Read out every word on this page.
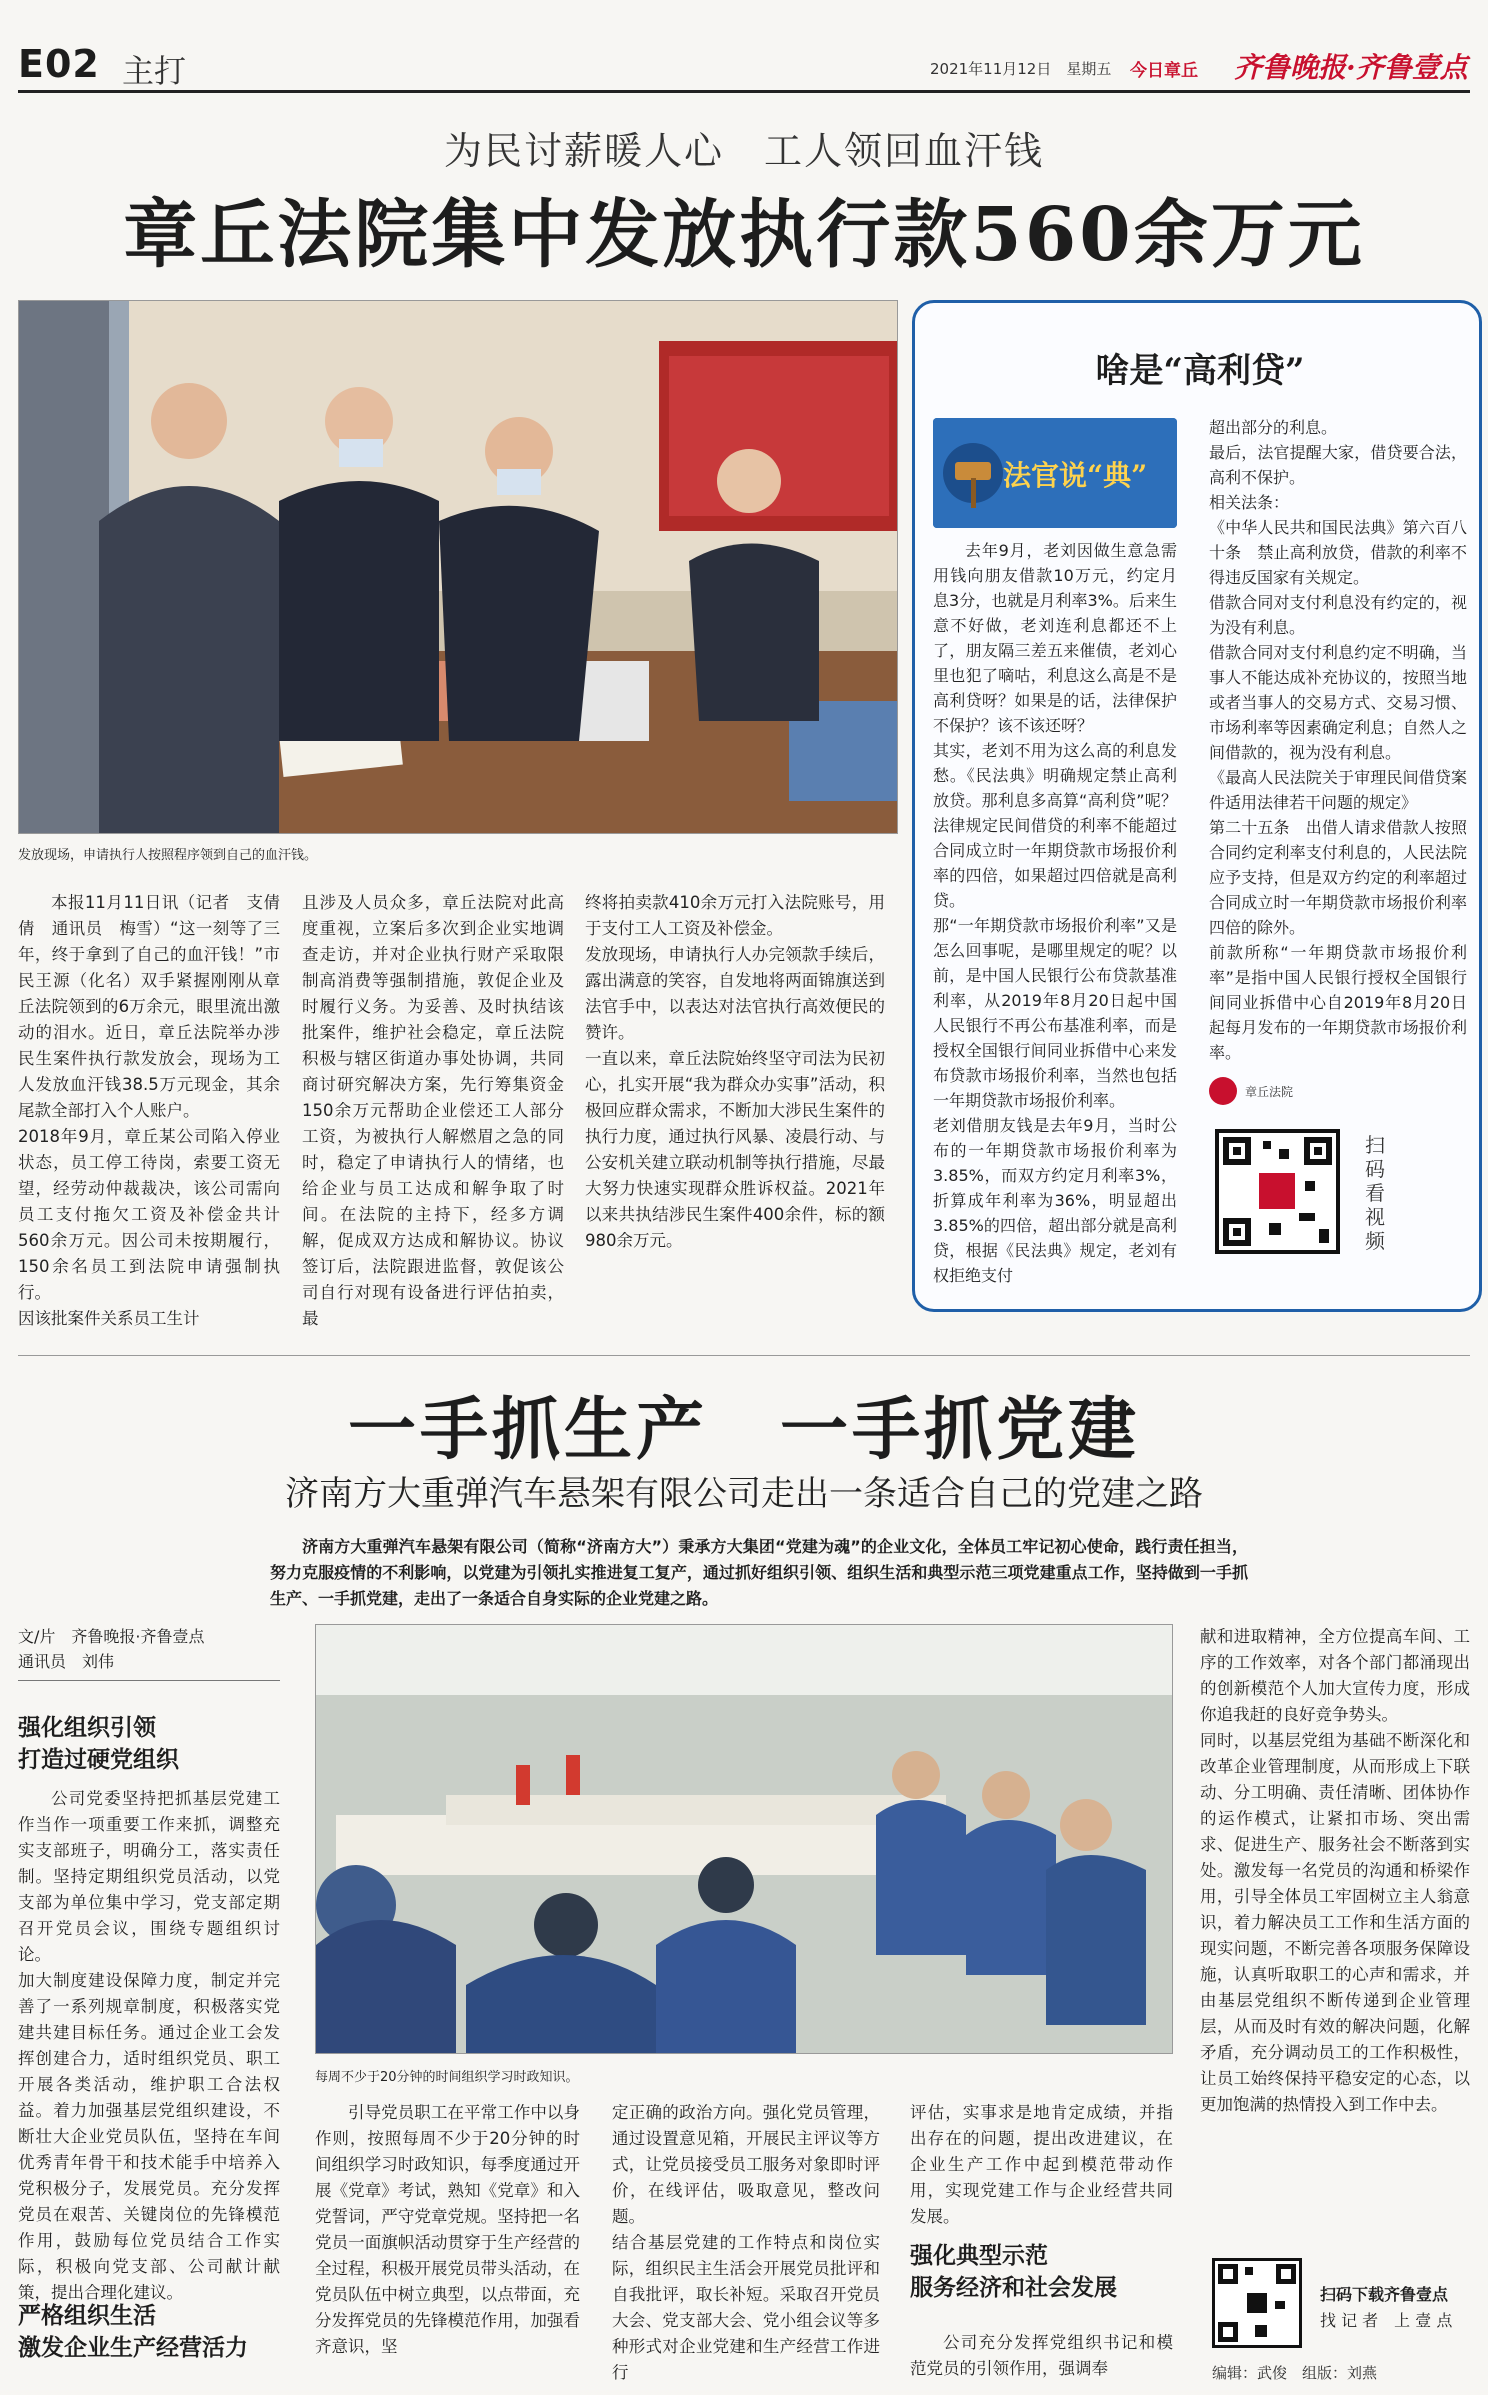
E02 主打	2021年11月12日　星期五 今日章丘 齐鲁晚报·齐鲁壹点
为民讨薪暖人心　工人领回血汗钱
章丘法院集中发放执行款560余万元
发放现场，申请执行人按照程序领到自己的血汗钱。
本报11月11日讯（记者　支倩倩　通讯员　梅雪）“这一刻等了三年，终于拿到了自己的血汗钱！”市民王源（化名）双手紧握刚刚从章丘法院领到的6万余元，眼里流出激动的泪水。近日，章丘法院举办涉民生案件执行款发放会，现场为工人发放血汗钱38.5万元现金，其余尾款全部打入个人账户。
2018年9月，章丘某公司陷入停业状态，员工停工待岗，索要工资无望，经劳动仲裁裁决，该公司需向员工支付拖欠工资及补偿金共计560余万元。因公司未按期履行，150余名员工到法院申请强制执行。
因该批案件关系员工生计
且涉及人员众多，章丘法院对此高度重视，立案后多次到企业实地调查走访，并对企业执行财产采取限制高消费等强制措施，敦促企业及时履行义务。为妥善、及时执结该批案件，维护社会稳定，章丘法院积极与辖区街道办事处协调，共同商讨研究解决方案，先行筹集资金150余万元帮助企业偿还工人部分工资，为被执行人解燃眉之急的同时，稳定了申请执行人的情绪，也给企业与员工达成和解争取了时间。在法院的主持下，经多方调解，促成双方达成和解协议。协议签订后，法院跟进监督，敦促该公司自行对现有设备进行评估拍卖，最
终将拍卖款410余万元打入法院账号，用于支付工人工资及补偿金。
发放现场，申请执行人办完领款手续后，露出满意的笑容，自发地将两面锦旗送到法官手中，以表达对法官执行高效便民的赞许。
一直以来，章丘法院始终坚守司法为民初心，扎实开展“我为群众办实事”活动，积极回应群众需求，不断加大涉民生案件的执行力度，通过执行风暴、凌晨行动、与公安机关建立联动机制等执行措施，尽最大努力快速实现群众胜诉权益。2021年以来共执结涉民生案件400余件，标的额980余万元。
啥是“高利贷”
法官说“典”
去年9月，老刘因做生意急需用钱向朋友借款10万元，约定月息3分，也就是月利率3%。后来生意不好做，老刘连利息都还不上了，朋友隔三差五来催债，老刘心里也犯了嘀咕，利息这么高是不是高利贷呀？如果是的话，法律保护不保护？该不该还呀？
其实，老刘不用为这么高的利息发愁。《民法典》明确规定禁止高利放贷。那利息多高算“高利贷”呢？法律规定民间借贷的利率不能超过合同成立时一年期贷款市场报价利率的四倍，如果超过四倍就是高利贷。
那“一年期贷款市场报价利率”又是怎么回事呢，是哪里规定的呢？以前，是中国人民银行公布贷款基准利率，从2019年8月20日起中国人民银行不再公布基准利率，而是授权全国银行间同业拆借中心来发布贷款市场报价利率，当然也包括一年期贷款市场报价利率。
老刘借朋友钱是去年9月，当时公布的一年期贷款市场报价利率为3.85%，而双方约定月利率3%，折算成年利率为36%，明显超出3.85%的四倍，超出部分就是高利贷，根据《民法典》规定，老刘有权拒绝支付
超出部分的利息。
最后，法官提醒大家，借贷要合法，高利不保护。
相关法条：
《中华人民共和国民法典》第六百八十条　禁止高利放贷，借款的利率不得违反国家有关规定。
借款合同对支付利息没有约定的，视为没有利息。
借款合同对支付利息约定不明确，当事人不能达成补充协议的，按照当地或者当事人的交易方式、交易习惯、市场利率等因素确定利息；自然人之间借款的，视为没有利息。
《最高人民法院关于审理民间借贷案件适用法律若干问题的规定》
第二十五条　出借人请求借款人按照合同约定利率支付利息的，人民法院应予支持，但是双方约定的利率超过合同成立时一年期贷款市场报价利率四倍的除外。
前款所称“一年期贷款市场报价利率”是指中国人民银行授权全国银行间同业拆借中心自2019年8月20日起每月发布的一年期贷款市场报价利率。
章丘法院
扫码看视频
一手抓生产　一手抓党建
济南方大重弹汽车悬架有限公司走出一条适合自己的党建之路
济南方大重弹汽车悬架有限公司（简称“济南方大”）秉承方大集团“党建为魂”的企业文化，全体员工牢记初心使命，践行责任担当，努力克服疫情的不利影响，以党建为引领扎实推进复工复产，通过抓好组织引领、组织生活和典型示范三项党建重点工作，坚持做到一手抓生产、一手抓党建，走出了一条适合自身实际的企业党建之路。
文/片　齐鲁晚报·齐鲁壹点
通讯员　刘伟
强化组织引领
打造过硬党组织
公司党委坚持把抓基层党建工作当作一项重要工作来抓，调整充实支部班子，明确分工，落实责任制。坚持定期组织党员活动，以党支部为单位集中学习，党支部定期召开党员会议，围绕专题组织讨论。
加大制度建设保障力度，制定并完善了一系列规章制度，积极落实党建共建目标任务。通过企业工会发挥创建合力，适时组织党员、职工开展各类活动，维护职工合法权益。着力加强基层党组织建设，不断壮大企业党员队伍，坚持在车间优秀青年骨干和技术能手中培养入党积极分子，发展党员。充分发挥党员在艰苦、关键岗位的先锋模范作用，鼓励每位党员结合工作实际，积极向党支部、公司献计献策，提出合理化建议。
严格组织生活
激发企业生产经营活力
每周不少于20分钟的时间组织学习时政知识。
引导党员职工在平常工作中以身作则，按照每周不少于20分钟的时间组织学习时政知识，每季度通过开展《党章》考试，熟知《党章》和入党誓词，严守党章党规。坚持把一名党员一面旗帜活动贯穿于生产经营的全过程，积极开展党员带头活动，在党员队伍中树立典型，以点带面，充分发挥党员的先锋模范作用，加强看齐意识，坚
定正确的政治方向。强化党员管理，通过设置意见箱，开展民主评议等方式，让党员接受员工服务对象即时评价，在线评估，吸取意见，整改问题。
结合基层党建的工作特点和岗位实际，组织民主生活会开展党员批评和自我批评，取长补短。采取召开党员大会、党支部大会、党小组会议等多种形式对企业党建和生产经营工作进行
评估，实事求是地肯定成绩，并指出存在的问题，提出改进建议，在企业生产工作中起到模范带动作用，实现党建工作与企业经营共同发展。
强化典型示范
服务经济和社会发展
公司充分发挥党组织书记和模范党员的引领作用，强调奉
献和进取精神，全方位提高车间、工序的工作效率，对各个部门都涌现出的创新模范个人加大宣传力度，形成你追我赶的良好竞争势头。
同时，以基层党组为基础不断深化和改革企业管理制度，从而形成上下联动、分工明确、责任清晰、团体协作的运作模式，让紧扣市场、突出需求、促进生产、服务社会不断落到实处。激发每一名党员的沟通和桥梁作用，引导全体员工牢固树立主人翁意识，着力解决员工工作和生活方面的现实问题，不断完善各项服务保障设施，认真听取职工的心声和需求，并由基层党组织不断传递到企业管理层，从而及时有效的解决问题，化解矛盾，充分调动员工的工作积极性，让员工始终保持平稳安定的心态，以更加饱满的热情投入到工作中去。
扫码下载齐鲁壹点
找 记 者　上 壹 点
编辑：武俊　组版：刘燕
